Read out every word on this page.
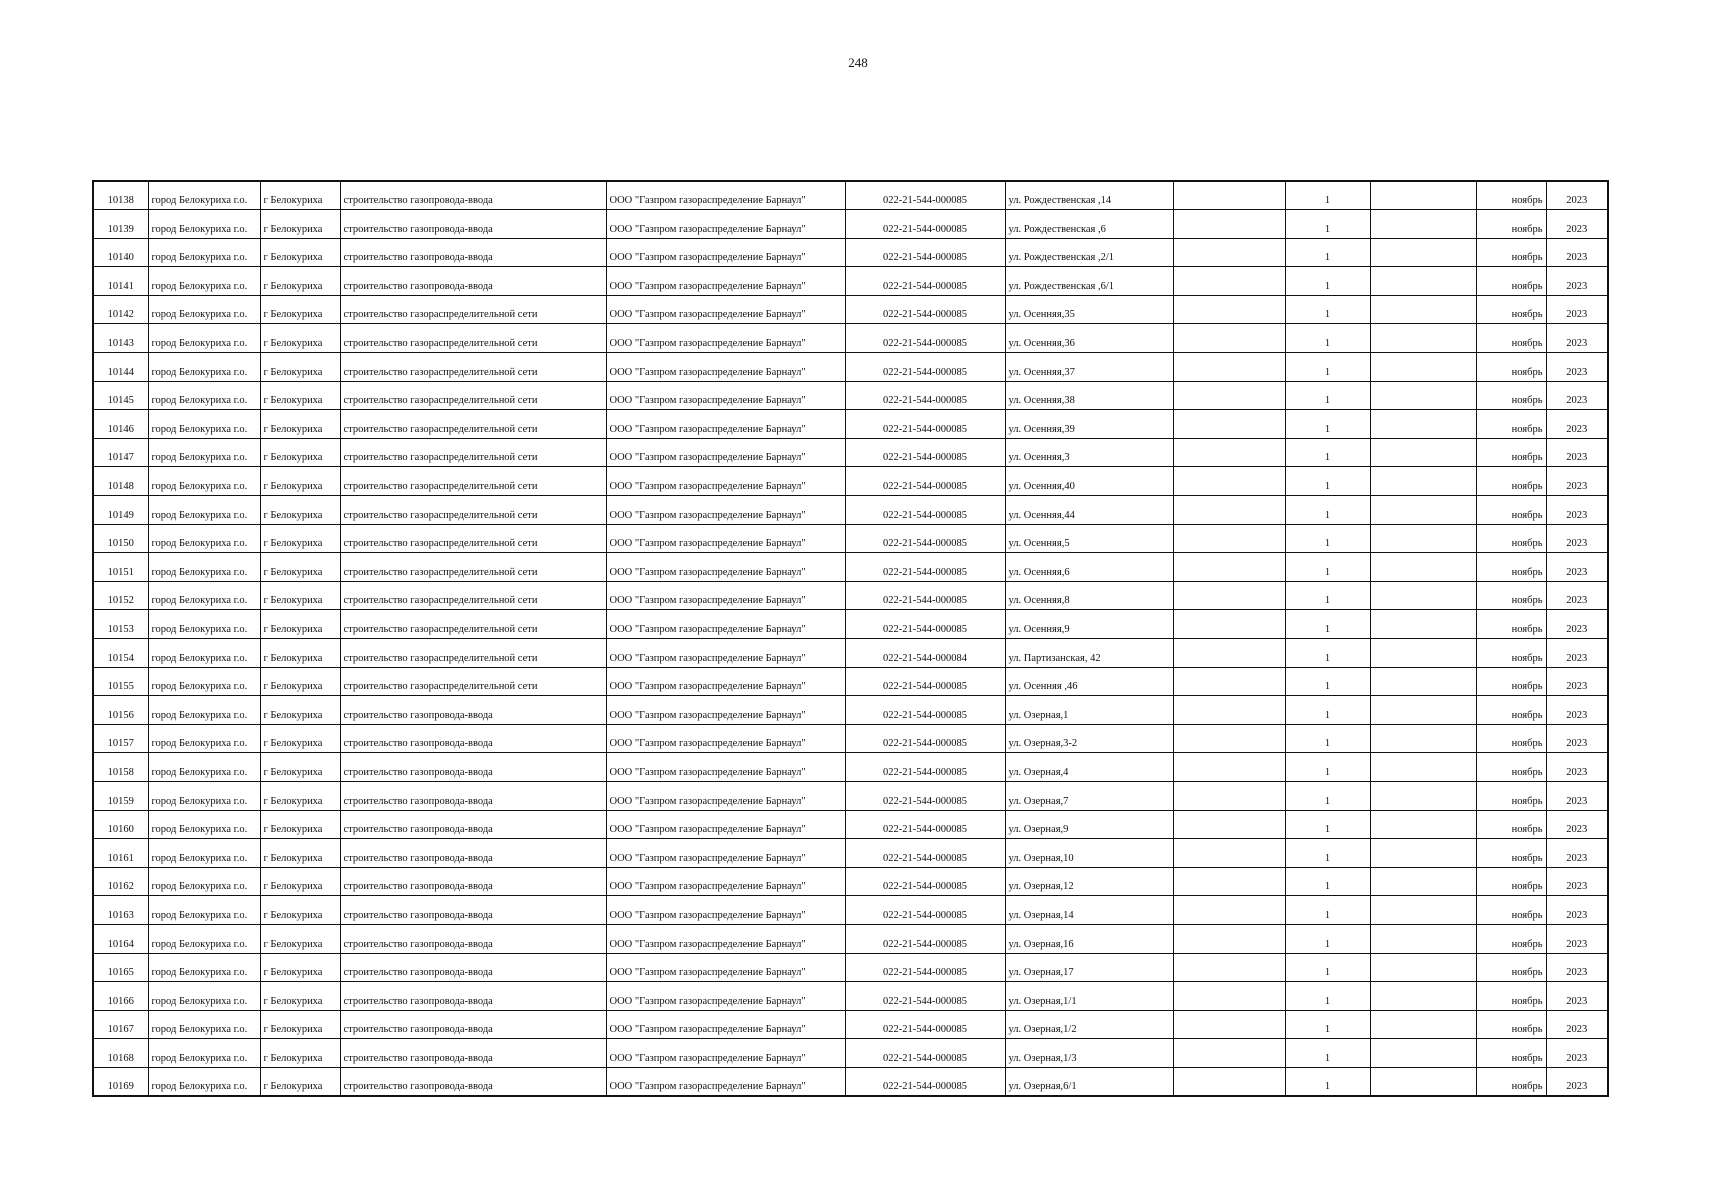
248
10138	город Белокуриха г.о.	г Белокуриха	строительство газопровода-ввода	ООО "Газпром газораспределение Барнаул"	022-21-544-000085	ул. Рождественская ,14		1		ноябрь	2023
10139	город Белокуриха г.о.	г Белокуриха	строительство газопровода-ввода	ООО "Газпром газораспределение Барнаул"	022-21-544-000085	ул. Рождественская ,6		1		ноябрь	2023
10140	город Белокуриха г.о.	г Белокуриха	строительство газопровода-ввода	ООО "Газпром газораспределение Барнаул"	022-21-544-000085	ул. Рождественская ,2/1		1		ноябрь	2023
10141	город Белокуриха г.о.	г Белокуриха	строительство газопровода-ввода	ООО "Газпром газораспределение Барнаул"	022-21-544-000085	ул. Рождественская ,6/1		1		ноябрь	2023
10142	город Белокуриха г.о.	г Белокуриха	строительство газораспределительной сети	ООО "Газпром газораспределение Барнаул"	022-21-544-000085	ул. Осенняя,35		1		ноябрь	2023
10143	город Белокуриха г.о.	г Белокуриха	строительство газораспределительной сети	ООО "Газпром газораспределение Барнаул"	022-21-544-000085	ул. Осенняя,36		1		ноябрь	2023
10144	город Белокуриха г.о.	г Белокуриха	строительство газораспределительной сети	ООО "Газпром газораспределение Барнаул"	022-21-544-000085	ул. Осенняя,37		1		ноябрь	2023
10145	город Белокуриха г.о.	г Белокуриха	строительство газораспределительной сети	ООО "Газпром газораспределение Барнаул"	022-21-544-000085	ул. Осенняя,38		1		ноябрь	2023
10146	город Белокуриха г.о.	г Белокуриха	строительство газораспределительной сети	ООО "Газпром газораспределение Барнаул"	022-21-544-000085	ул. Осенняя,39		1		ноябрь	2023
10147	город Белокуриха г.о.	г Белокуриха	строительство газораспределительной сети	ООО "Газпром газораспределение Барнаул"	022-21-544-000085	ул. Осенняя,3		1		ноябрь	2023
10148	город Белокуриха г.о.	г Белокуриха	строительство газораспределительной сети	ООО "Газпром газораспределение Барнаул"	022-21-544-000085	ул. Осенняя,40		1		ноябрь	2023
10149	город Белокуриха г.о.	г Белокуриха	строительство газораспределительной сети	ООО "Газпром газораспределение Барнаул"	022-21-544-000085	ул. Осенняя,44		1		ноябрь	2023
10150	город Белокуриха г.о.	г Белокуриха	строительство газораспределительной сети	ООО "Газпром газораспределение Барнаул"	022-21-544-000085	ул. Осенняя,5		1		ноябрь	2023
10151	город Белокуриха г.о.	г Белокуриха	строительство газораспределительной сети	ООО "Газпром газораспределение Барнаул"	022-21-544-000085	ул. Осенняя,6		1		ноябрь	2023
10152	город Белокуриха г.о.	г Белокуриха	строительство газораспределительной сети	ООО "Газпром газораспределение Барнаул"	022-21-544-000085	ул. Осенняя,8		1		ноябрь	2023
10153	город Белокуриха г.о.	г Белокуриха	строительство газораспределительной сети	ООО "Газпром газораспределение Барнаул"	022-21-544-000085	ул. Осенняя,9		1		ноябрь	2023
10154	город Белокуриха г.о.	г Белокуриха	строительство газораспределительной сети	ООО "Газпром газораспределение Барнаул"	022-21-544-000084	ул. Партизанская, 42		1		ноябрь	2023
10155	город Белокуриха г.о.	г Белокуриха	строительство газораспределительной сети	ООО "Газпром газораспределение Барнаул"	022-21-544-000085	ул. Осенняя ,46		1		ноябрь	2023
10156	город Белокуриха г.о.	г Белокуриха	строительство газопровода-ввода	ООО "Газпром газораспределение Барнаул"	022-21-544-000085	ул. Озерная,1		1		ноябрь	2023
10157	город Белокуриха г.о.	г Белокуриха	строительство газопровода-ввода	ООО "Газпром газораспределение Барнаул"	022-21-544-000085	ул. Озерная,3-2		1		ноябрь	2023
10158	город Белокуриха г.о.	г Белокуриха	строительство газопровода-ввода	ООО "Газпром газораспределение Барнаул"	022-21-544-000085	ул. Озерная,4		1		ноябрь	2023
10159	город Белокуриха г.о.	г Белокуриха	строительство газопровода-ввода	ООО "Газпром газораспределение Барнаул"	022-21-544-000085	ул. Озерная,7		1		ноябрь	2023
10160	город Белокуриха г.о.	г Белокуриха	строительство газопровода-ввода	ООО "Газпром газораспределение Барнаул"	022-21-544-000085	ул. Озерная,9		1		ноябрь	2023
10161	город Белокуриха г.о.	г Белокуриха	строительство газопровода-ввода	ООО "Газпром газораспределение Барнаул"	022-21-544-000085	ул. Озерная,10		1		ноябрь	2023
10162	город Белокуриха г.о.	г Белокуриха	строительство газопровода-ввода	ООО "Газпром газораспределение Барнаул"	022-21-544-000085	ул. Озерная,12		1		ноябрь	2023
10163	город Белокуриха г.о.	г Белокуриха	строительство газопровода-ввода	ООО "Газпром газораспределение Барнаул"	022-21-544-000085	ул. Озерная,14		1		ноябрь	2023
10164	город Белокуриха г.о.	г Белокуриха	строительство газопровода-ввода	ООО "Газпром газораспределение Барнаул"	022-21-544-000085	ул. Озерная,16		1		ноябрь	2023
10165	город Белокуриха г.о.	г Белокуриха	строительство газопровода-ввода	ООО "Газпром газораспределение Барнаул"	022-21-544-000085	ул. Озерная,17		1		ноябрь	2023
10166	город Белокуриха г.о.	г Белокуриха	строительство газопровода-ввода	ООО "Газпром газораспределение Барнаул"	022-21-544-000085	ул. Озерная,1/1		1		ноябрь	2023
10167	город Белокуриха г.о.	г Белокуриха	строительство газопровода-ввода	ООО "Газпром газораспределение Барнаул"	022-21-544-000085	ул. Озерная,1/2		1		ноябрь	2023
10168	город Белокуриха г.о.	г Белокуриха	строительство газопровода-ввода	ООО "Газпром газораспределение Барнаул"	022-21-544-000085	ул. Озерная,1/3		1		ноябрь	2023
10169	город Белокуриха г.о.	г Белокуриха	строительство газопровода-ввода	ООО "Газпром газораспределение Барнаул"	022-21-544-000085	ул. Озерная,6/1		1		ноябрь	2023
